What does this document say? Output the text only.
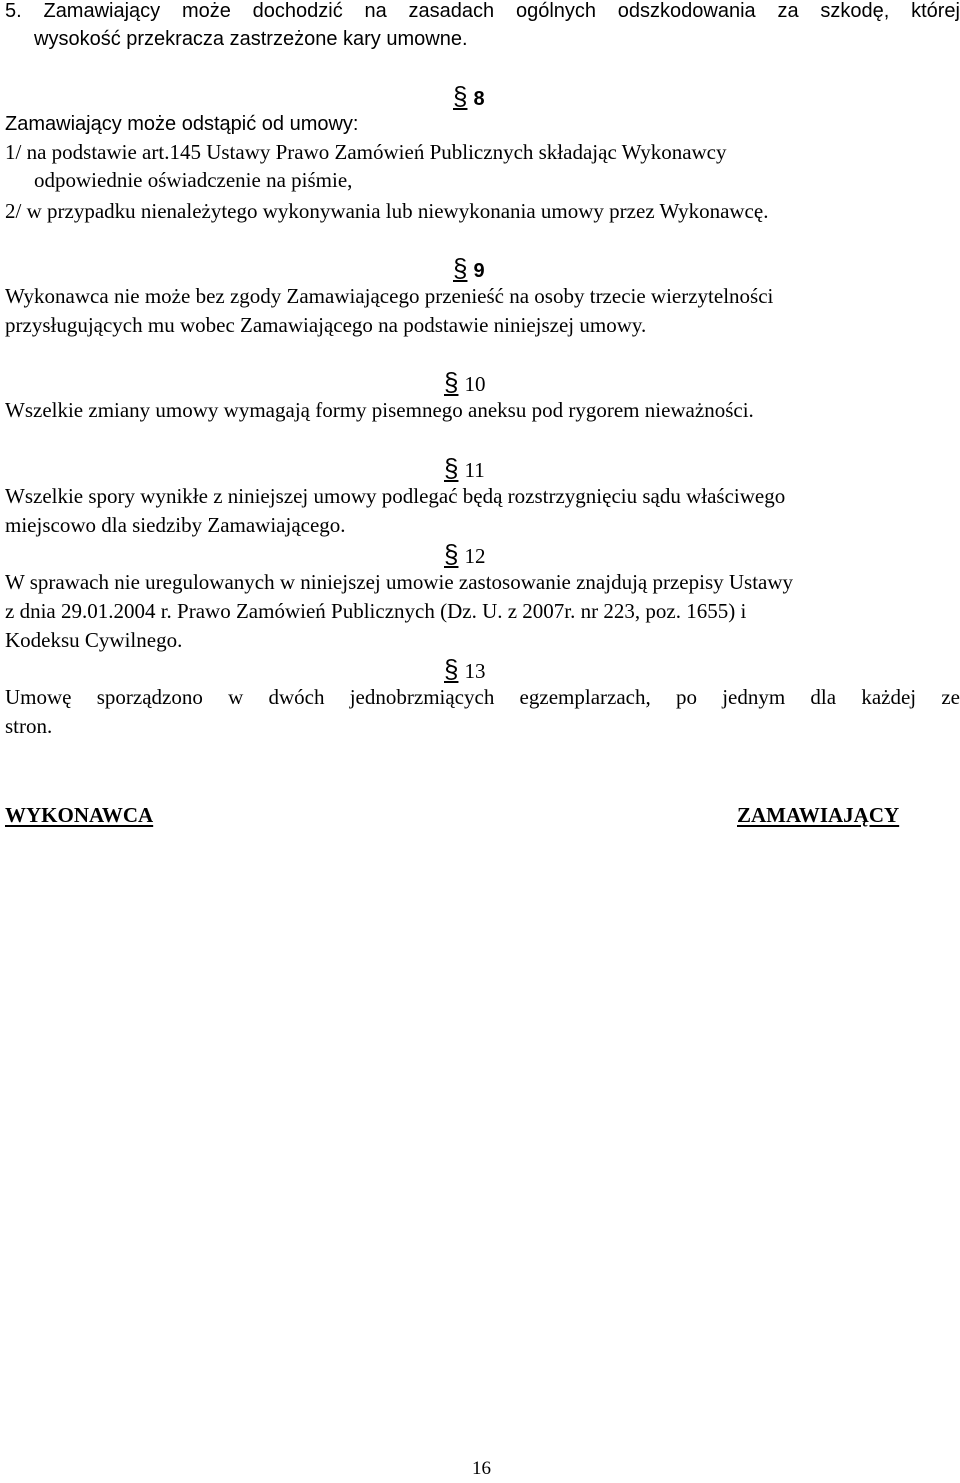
5. Zamawiający może dochodzić na zasadach ogólnych odszkodowania za szkodę, której
wysokość przekracza zastrzeżone kary umowne.
§ 8
Zamawiający może odstąpić od umowy:
1/ na podstawie art.145 Ustawy Prawo Zamówień Publicznych składając Wykonawcy
odpowiednie oświadczenie na piśmie,
2/ w przypadku nienależytego wykonywania lub niewykonania umowy przez Wykonawcę.
§ 9
Wykonawca nie może bez zgody Zamawiającego przenieść na osoby trzecie wierzytelności
przysługujących mu wobec Zamawiającego na podstawie niniejszej umowy.
§ 10
Wszelkie zmiany umowy wymagają formy pisemnego aneksu pod rygorem nieważności.
§ 11
Wszelkie spory wynikłe z niniejszej umowy podlegać będą rozstrzygnięciu sądu właściwego
miejscowo dla siedziby Zamawiającego.
§ 12
W sprawach nie uregulowanych w niniejszej umowie zastosowanie znajdują przepisy Ustawy
z dnia 29.01.2004 r. Prawo Zamówień Publicznych (Dz. U. z 2007r. nr 223, poz. 1655) i
Kodeksu Cywilnego.
§ 13
Umowę sporządzono w dwóch jednobrzmiących egzemplarzach, po jednym dla każdej ze
stron.
WYKONAWCA	ZAMAWIAJĄCY
16
